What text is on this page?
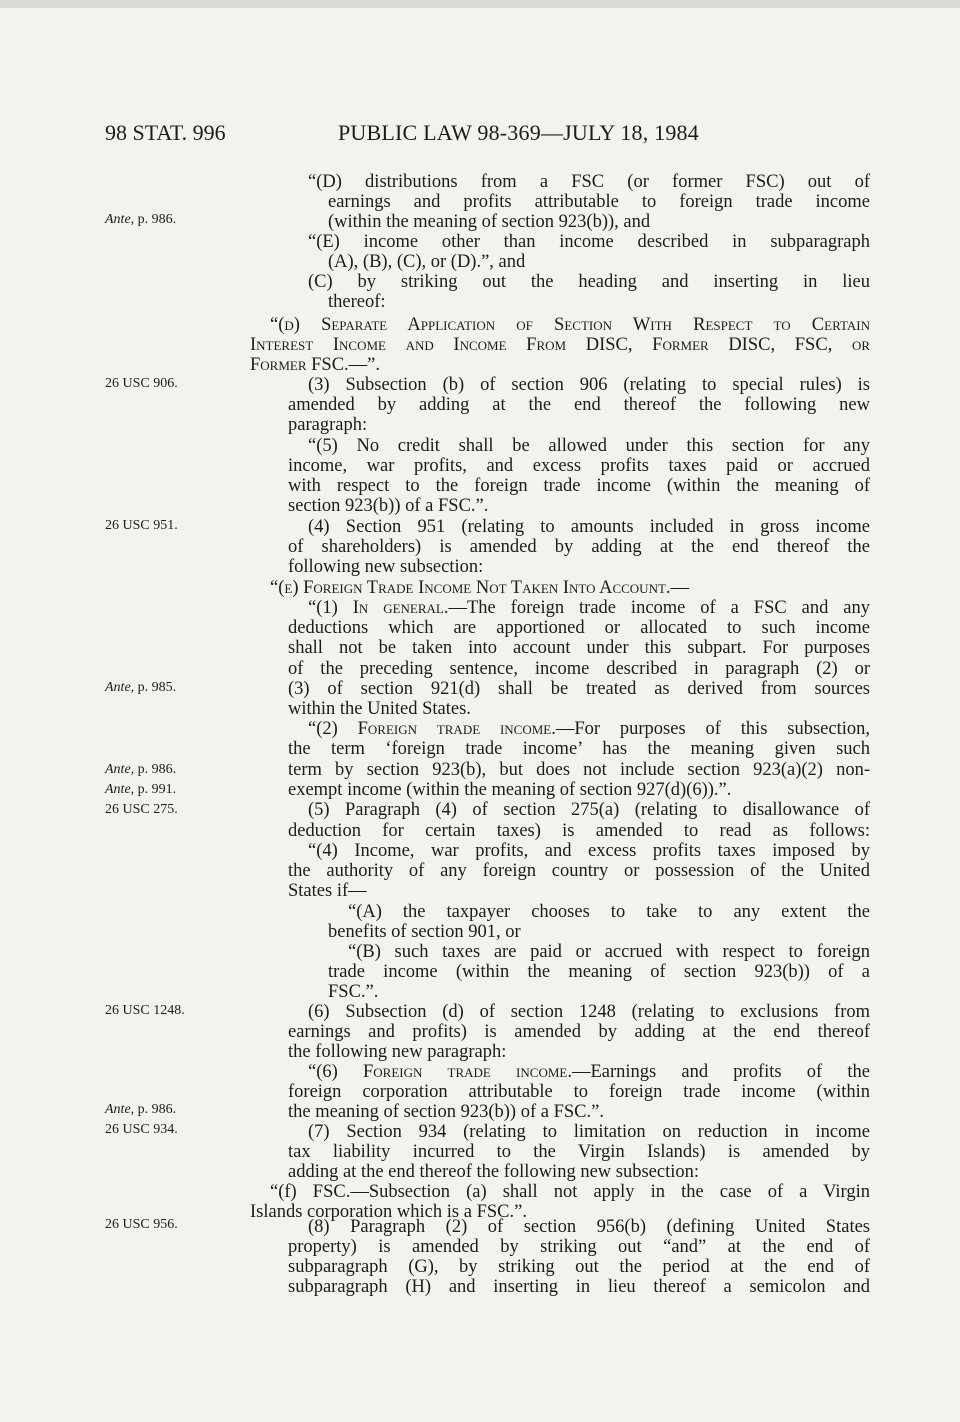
98 STAT. 996	PUBLIC LAW 98-369—JULY 18, 1984
Ante, p. 986.
26 USC 906.
26 USC 951.
Ante, p. 985.
Ante, p. 986.
Ante, p. 991.
26 USC 275.
26 USC 1248.
Ante, p. 986.
26 USC 934.
26 USC 956.
“(D) distributions from a FSC (or former FSC) out of
earnings and profits attributable to foreign trade income
(within the meaning of section 923(b)), and
“(E) income other than income described in subparagraph
(A), (B), (C), or (D).”, and
(C) by striking out the heading and inserting in lieu
thereof:
“(d) Separate Application of Section With Respect to Certain
Interest Income and Income From DISC, Former DISC, FSC, or
Former FSC.—”.
(3) Subsection (b) of section 906 (relating to special rules) is
amended by adding at the end thereof the following new
paragraph:
“(5) No credit shall be allowed under this section for any
income, war profits, and excess profits taxes paid or accrued
with respect to the foreign trade income (within the meaning of
section 923(b)) of a FSC.”.
(4) Section 951 (relating to amounts included in gross income
of shareholders) is amended by adding at the end thereof the
following new subsection:
“(e) Foreign Trade Income Not Taken Into Account.—
“(1) In general.—The foreign trade income of a FSC and any
deductions which are apportioned or allocated to such income
shall not be taken into account under this subpart. For purposes
of the preceding sentence, income described in paragraph (2) or
(3) of section 921(d) shall be treated as derived from sources
within the United States.
“(2) Foreign trade income.—For purposes of this subsection,
the term ‘foreign trade income’ has the meaning given such
term by section 923(b), but does not include section 923(a)(2) non-
exempt income (within the meaning of section 927(d)(6)).”.
(5) Paragraph (4) of section 275(a) (relating to disallowance of
deduction for certain taxes) is amended to read as follows:
“(4) Income, war profits, and excess profits taxes imposed by
the authority of any foreign country or possession of the United
States if—
“(A) the taxpayer chooses to take to any extent the
benefits of section 901, or
“(B) such taxes are paid or accrued with respect to foreign
trade income (within the meaning of section 923(b)) of a
FSC.”.
(6) Subsection (d) of section 1248 (relating to exclusions from
earnings and profits) is amended by adding at the end thereof
the following new paragraph:
“(6) Foreign trade income.—Earnings and profits of the
foreign corporation attributable to foreign trade income (within
the meaning of section 923(b)) of a FSC.”.
(7) Section 934 (relating to limitation on reduction in income
tax liability incurred to the Virgin Islands) is amended by
adding at the end thereof the following new subsection:
“(f) FSC.—Subsection (a) shall not apply in the case of a Virgin
Islands corporation which is a FSC.”.
(8) Paragraph (2) of section 956(b) (defining United States
property) is amended by striking out “and” at the end of
subparagraph (G), by striking out the period at the end of
subparagraph (H) and inserting in lieu thereof a semicolon and
